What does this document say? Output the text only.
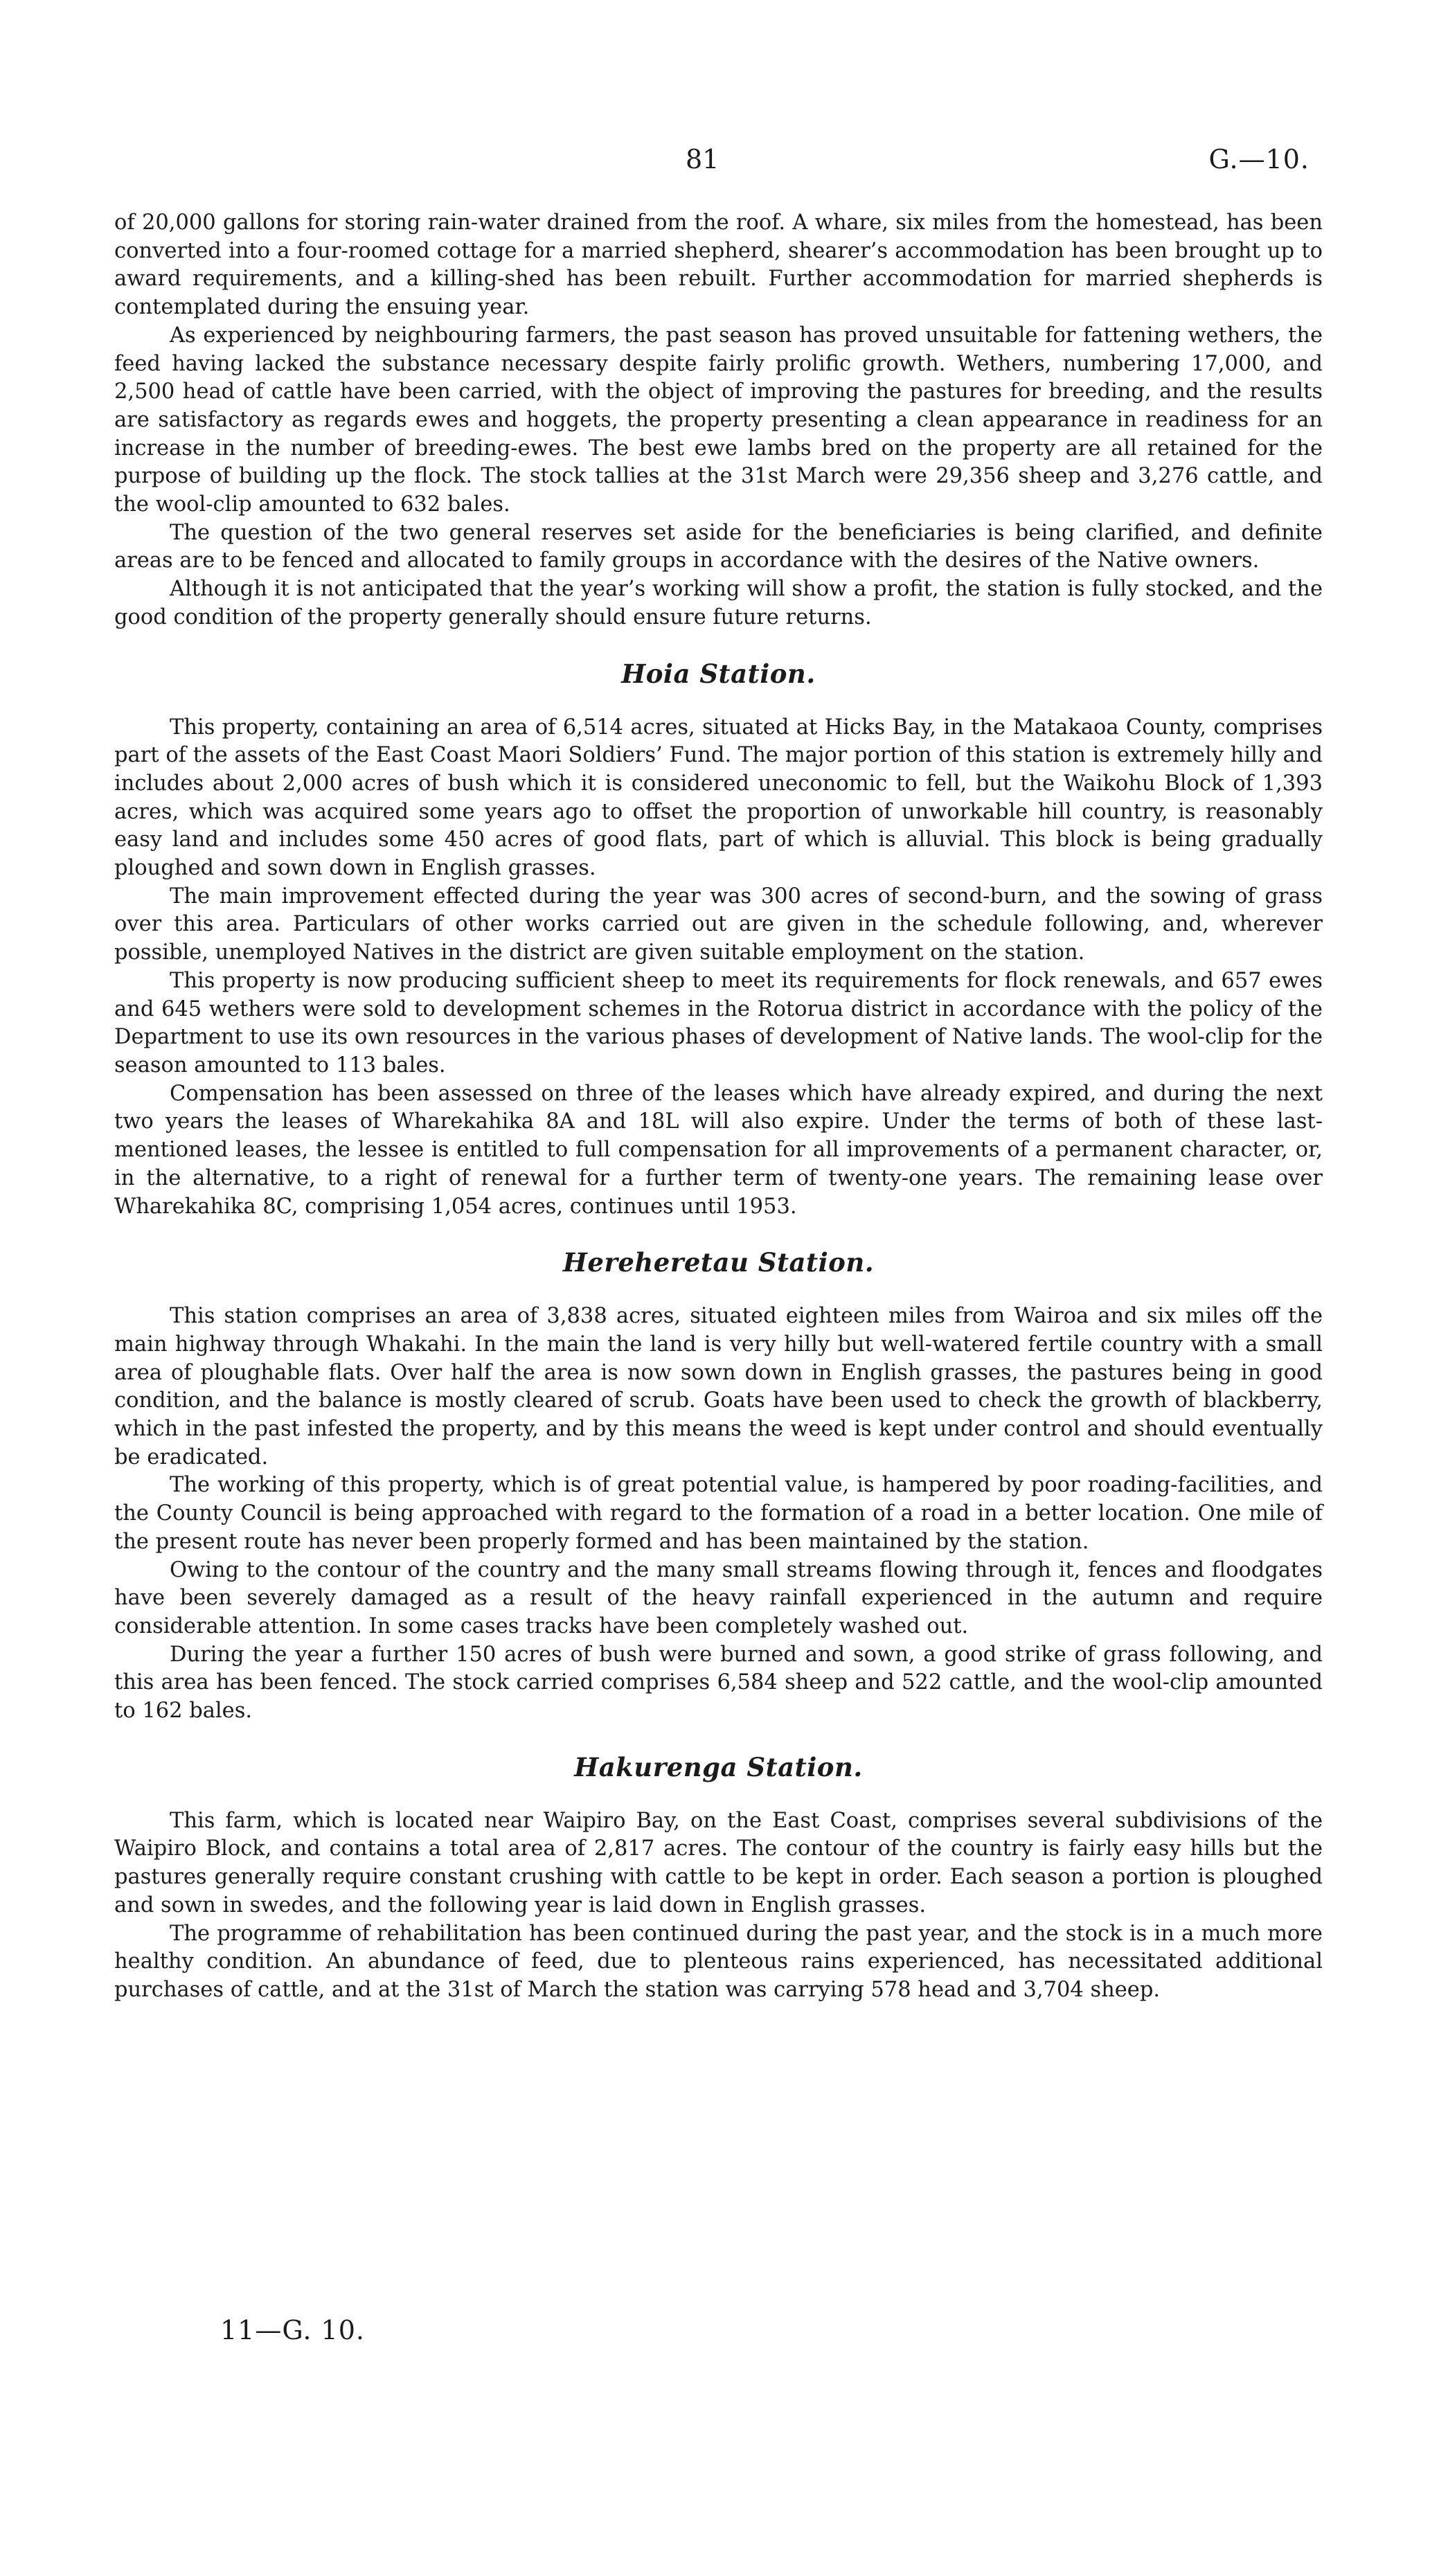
81	G.—10.

of 20,000 gallons for storing rain-water drained from the roof. A whare, six miles from the homestead, has been converted into a four-roomed cottage for a married shepherd, shearer’s accommodation has been brought up to award requirements, and a killing-shed has been rebuilt. Further accommodation for married shepherds is contemplated during the ensuing year.

As experienced by neighbouring farmers, the past season has proved unsuitable for fattening wethers, the feed having lacked the substance necessary despite fairly prolific growth. Wethers, numbering 17,000, and 2,500 head of cattle have been carried, with the object of improving the pastures for breeding, and the results are satisfactory as regards ewes and hoggets, the property presenting a clean appearance in readiness for an increase in the number of breeding-ewes. The best ewe lambs bred on the property are all retained for the purpose of building up the flock. The stock tallies at the 31st March were 29,356 sheep and 3,276 cattle, and the wool-clip amounted to 632 bales.

The question of the two general reserves set aside for the beneficiaries is being clarified, and definite areas are to be fenced and allocated to family groups in accordance with the desires of the Native owners.

Although it is not anticipated that the year’s working will show a profit, the station is fully stocked, and the good condition of the property generally should ensure future returns.

Hoia Station.

This property, containing an area of 6,514 acres, situated at Hicks Bay, in the Matakaoa County, comprises part of the assets of the East Coast Maori Soldiers’ Fund. The major portion of this station is extremely hilly and includes about 2,000 acres of bush which it is considered uneconomic to fell, but the Waikohu Block of 1,393 acres, which was acquired some years ago to offset the proportion of unworkable hill country, is reasonably easy land and includes some 450 acres of good flats, part of which is alluvial. This block is being gradually ploughed and sown down in English grasses.

The main improvement effected during the year was 300 acres of second-burn, and the sowing of grass over this area. Particulars of other works carried out are given in the schedule following, and, wherever possible, unemployed Natives in the district are given suitable employment on the station.

This property is now producing sufficient sheep to meet its requirements for flock renewals, and 657 ewes and 645 wethers were sold to development schemes in the Rotorua district in accordance with the policy of the Department to use its own resources in the various phases of development of Native lands. The wool-clip for the season amounted to 113 bales.

Compensation has been assessed on three of the leases which have already expired, and during the next two years the leases of Wharekahika 8A and 18L will also expire. Under the terms of both of these last-mentioned leases, the lessee is entitled to full compensation for all improvements of a permanent character, or, in the alternative, to a right of renewal for a further term of twenty-one years. The remaining lease over Wharekahika 8C, comprising 1,054 acres, continues until 1953.

Hereheretau Station.

This station comprises an area of 3,838 acres, situated eighteen miles from Wairoa and six miles off the main highway through Whakahi. In the main the land is very hilly but well-watered fertile country with a small area of ploughable flats. Over half the area is now sown down in English grasses, the pastures being in good condition, and the balance is mostly cleared of scrub. Goats have been used to check the growth of blackberry, which in the past infested the property, and by this means the weed is kept under control and should eventually be eradicated.

The working of this property, which is of great potential value, is hampered by poor roading-facilities, and the County Council is being approached with regard to the formation of a road in a better location. One mile of the present route has never been properly formed and has been maintained by the station.

Owing to the contour of the country and the many small streams flowing through it, fences and floodgates have been severely damaged as a result of the heavy rainfall experienced in the autumn and require considerable attention. In some cases tracks have been completely washed out.

During the year a further 150 acres of bush were burned and sown, a good strike of grass following, and this area has been fenced. The stock carried comprises 6,584 sheep and 522 cattle, and the wool-clip amounted to 162 bales.

Hakurenga Station.

This farm, which is located near Waipiro Bay, on the East Coast, comprises several subdivisions of the Waipiro Block, and contains a total area of 2,817 acres. The contour of the country is fairly easy hills but the pastures generally require constant crushing with cattle to be kept in order. Each season a portion is ploughed and sown in swedes, and the following year is laid down in English grasses.

The programme of rehabilitation has been continued during the past year, and the stock is in a much more healthy condition. An abundance of feed, due to plenteous rains experienced, has necessitated additional purchases of cattle, and at the 31st of March the station was carrying 578 head and 3,704 sheep.

11—G. 10.
